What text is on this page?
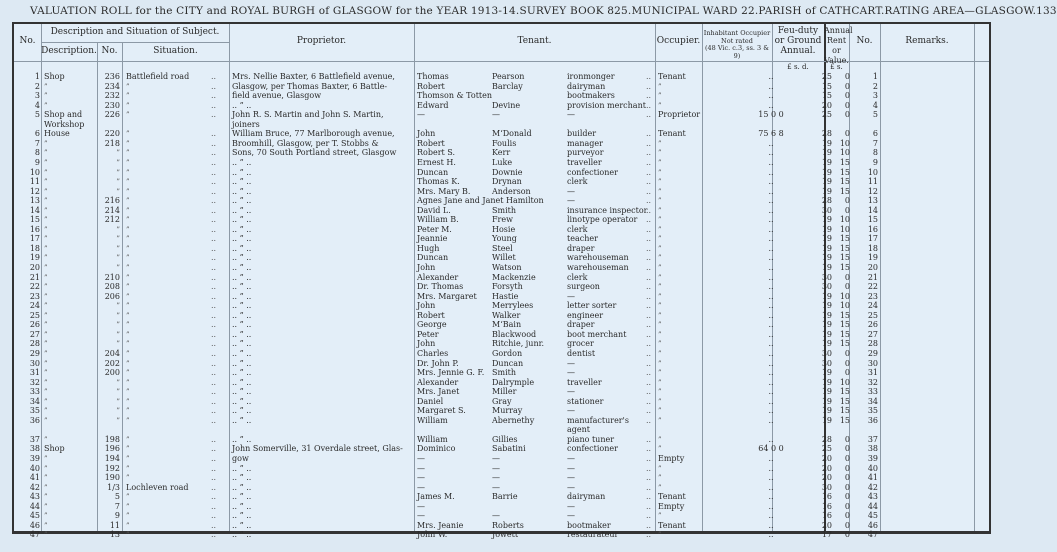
VALUATION ROLL for the CITY and ROYAL BURGH of GLASGOW for the YEAR 1913-14. SURVEY BOOK 825. MUNICIPAL WARD 22. PARISH of CATHCART. RATING AREA—GLASGOW. 133
No.
Description and Situation of Subject.
Description. No.	Situation.
Proprietor.	Tenant.	Occupier.
Inhabitant Occupier
Not rated
(48 Vic. c.3, ss. 3 & 9)
Feu-duty
or Ground
Annual.
Annual
Rent or
Value.
No.	Remarks.
£ s. d.	£ s.
1 Shop	236 Battlefield road	Mrs. Nellie Baxter, 6 Battlefield avenue,	Thomas	Pearson	ironmonger	Tenant	..	25	0	1
..	..
2 ”	234 ”	Glasgow, per Thomas Baxter, 6 Battle-	Robert	Barclay	dairyman	”	..	15	0	2
..	..
3 ”	232 ”	field avenue, Glasgow	Thomson & Totten	bootmakers	”	..	15	0	3
..	..
4 ”	230 ”	.. ” ..	Edward	Devine	provision merchant ”	..	20	0	4
..	..
5 Shop and	226 ”	John R. S. Martin and John S. Martin,	—	—	—	Proprietor	15 0 0	25	0	5
..	..
Workshop	joiners
6 House	220 ”	William Bruce, 77 Marlborough avenue,	John	M‘Donald	builder	Tenant	75 6 8	28	0	6
..	..
7 ”	218 ”	Broomhill, Glasgow, per T. Stobbs &	Robert	Foulis	manager	”	..	19 10	7
..	..
8 ”	” ”	Sons, 70 South Portland street, Glasgow	Robert S.	Kerr	purveyor	”	..	19 10	8
..	..
9 ”	” ”	.. ” ..	Ernest H.	Luke	traveller	”	..	19 15	9
..	..
10 ”	” ”	.. ” ..	Duncan	Downie	confectioner	”	..	19 15	10
..	..
11 ”	” ”	.. ” ..	Thomas K.	Drynan	clerk	”	..	19 15	11
..	..
12 ”	” ”	.. ” ..	Mrs. Mary B.	Anderson	—	”	..	19 15	12
..	..
13 ”	216 ”	.. ” ..	Agnes Jane and Janet Hamilton	—	”	..	28	0	13
..	..
14 ”	214 ”	.. ” ..	David L.	Smith	insurance inspector ”	..	30	0	14
..	..
15 ”	212 ”	.. ” ..	William B.	Frew	linotype operator	”	..	19 10	15
..	..
16 ”	” ”	.. ” ..	Peter M.	Hosie	clerk	”	..	19 10	16
..	..
17 ”	” ”	.. ” ..	Jeannie	Young	teacher	”	..	19 15	17
..	..
18 ”	” ”	.. ” ..	Hugh	Steel	draper	”	..	19 15	18
..	..
19 ”	” ”	.. ” ..	Duncan	Willet	warehouseman	”	..	19 15	19
..	..
20 ”	” ”	.. ” ..	John	Watson	warehouseman	”	..	19 15	20
..	..
21 ”	210 ”	.. ” ..	Alexander	Mackenzie	clerk	”	..	30	0	21
..	..
22 ”	208 ”	.. ” ..	Dr. Thomas	Forsyth	surgeon	”	..	30	0	22
..	..
23 ”	206 ”	.. ” ..	Mrs. Margaret Hastie	—	”	..	19 10	23
..	..
24 ”	” ”	.. ” ..	John	Merrylees	letter sorter	”	..	19 10	24
..	..
25 ”	” ”	.. ” ..	Robert	Walker	engineer	”	..	19 15	25
..	..
26 ”	” ”	.. ” ..	George	M‘Bain	draper	”	..	19 15	26
..	..
27 ”	” ”	.. ” ..	Peter	Blackwood	boot merchant	”	..	19 15	27
..	..
28 ”	” ”	.. ” ..	John	Ritchie, junr.	grocer	”	..	19 15	28
..	..
29 ”	204 ”	.. ” ..	Charles	Gordon	dentist	”	..	30	0	29
..	..
30 ”	202 ”	.. ” ..	Dr. John P.	Duncan	—	”	..	30	0	30
..	..
31 ”	200 ”	.. ” ..	Mrs. Jennie G. F. Smith	—	”	..	19	0	31
..	..
32 ”	” ”	.. ” ..	Alexander	Dalrymple	traveller	”	..	19 10	32
..	..
33 ”	” ”	.. ” ..	Mrs. Janet	Miller	—	”	..	19 15	33
..	..
34 ”	” ”	.. ” ..	Daniel	Gray	stationer	”	..	19 15	34
..	..
35 ”	” ”	.. ” ..	Margaret S.	Murray	—	”	..	19 15	35
..	..
36 ”	” ”	.. ” ..	William	Abernethy	manufacturer's	”	..	19 15	36
..	..
agent
37 ”	198 ”	.. ” ..	William	Gillies	piano tuner	”	..	28	0	37
..	..
38 Shop	196 ”	John Somerville, 31 Overdale street, Glas- Dominico	Sabatini	confectioner	”	64 0 0	25	0	38
..	..
39 ”	194 ”	gow	—	—	—	Empty	..	20	0	39
..	..
40 ”	192 ”	.. ” ..	—	—	—	”	..	20	0	40
..	..
41 ”	190 ”	.. ” ..	—	—	—	”	..	20	0	41
..	..
42 ”	1/3 Lochleven road	.. ” ..	—	—	—	”	..	30	0	42
..	..
43 ”	5 ”	.. ” ..	James M.	Barrie	dairyman	Tenant	..	16	0	43
..	..
44 ”	7 ”	.. ” ..	—	—	Empty	..	16	0	44
..	..
45 ”	9 ”	.. ” ..	—	—	—	”	..	16	0	45
..	..
46 ”	11 ”	.. ” ..	Mrs. Jeanie	Roberts	bootmaker	Tenant	..	20	0	46
..	..
47 ”	13 ”	.. ” ..	John W.	Jowett	restaurateur	”	..	17	0	47
..	..
